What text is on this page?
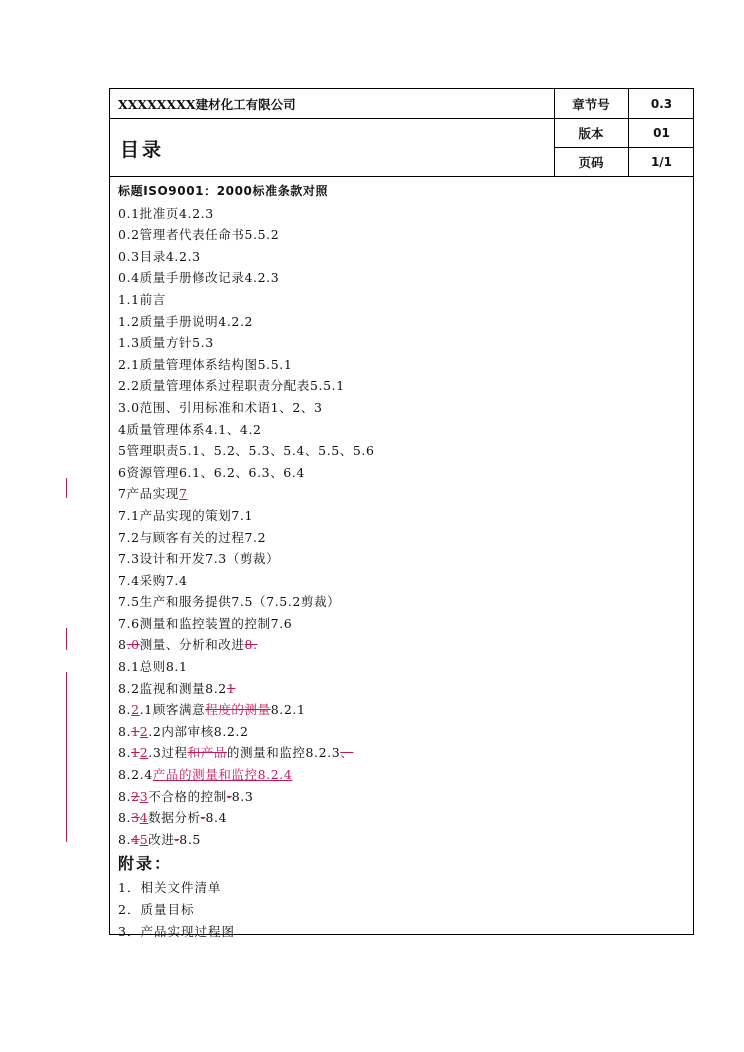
XXXXXXXX建材化工有限公司
目录
章节号	0.3
版本	01
页码	1/1
标题ISO9001：2000标准条款对照
0.1批准页4.2.3
0.2管理者代表任命书5.5.2
0.3目录4.2.3
0.4质量手册修改记录4.2.3
1.1前言
1.2质量手册说明4.2.2
1.3质量方针5.3
2.1质量管理体系结构图5.5.1
2.2质量管理体系过程职责分配表5.5.1
3.0范围、引用标准和术语1、2、3
4质量管理体系4.1、4.2
5管理职责5.1、5.2、5.3、5.4、5.5、5.6
6资源管理6.1、6.2、6.3、6.4
7产品实现7
7.1产品实现的策划7.1
7.2与顾客有关的过程7.2
7.3设计和开发7.3（剪裁）
7.4采购7.4
7.5生产和服务提供7.5（7.5.2剪裁）
7.6测量和监控装置的控制7.6
8.0测量、分析和改进8.
8.1总则8.1
8.2监视和测量8.21
8.2.1顾客满意程度的测量8.2.1
8.12.2内部审核8.2.2
8.12.3过程和产品的测量和监控8.2.3、
8.2.4产品的测量和监控8.2.4
8.23不合格的控制-8.3
8.34数据分析-8.4
8.45改进-8.5
附录：
1．相关文件清单
2．质量目标
3．产品实现过程图
